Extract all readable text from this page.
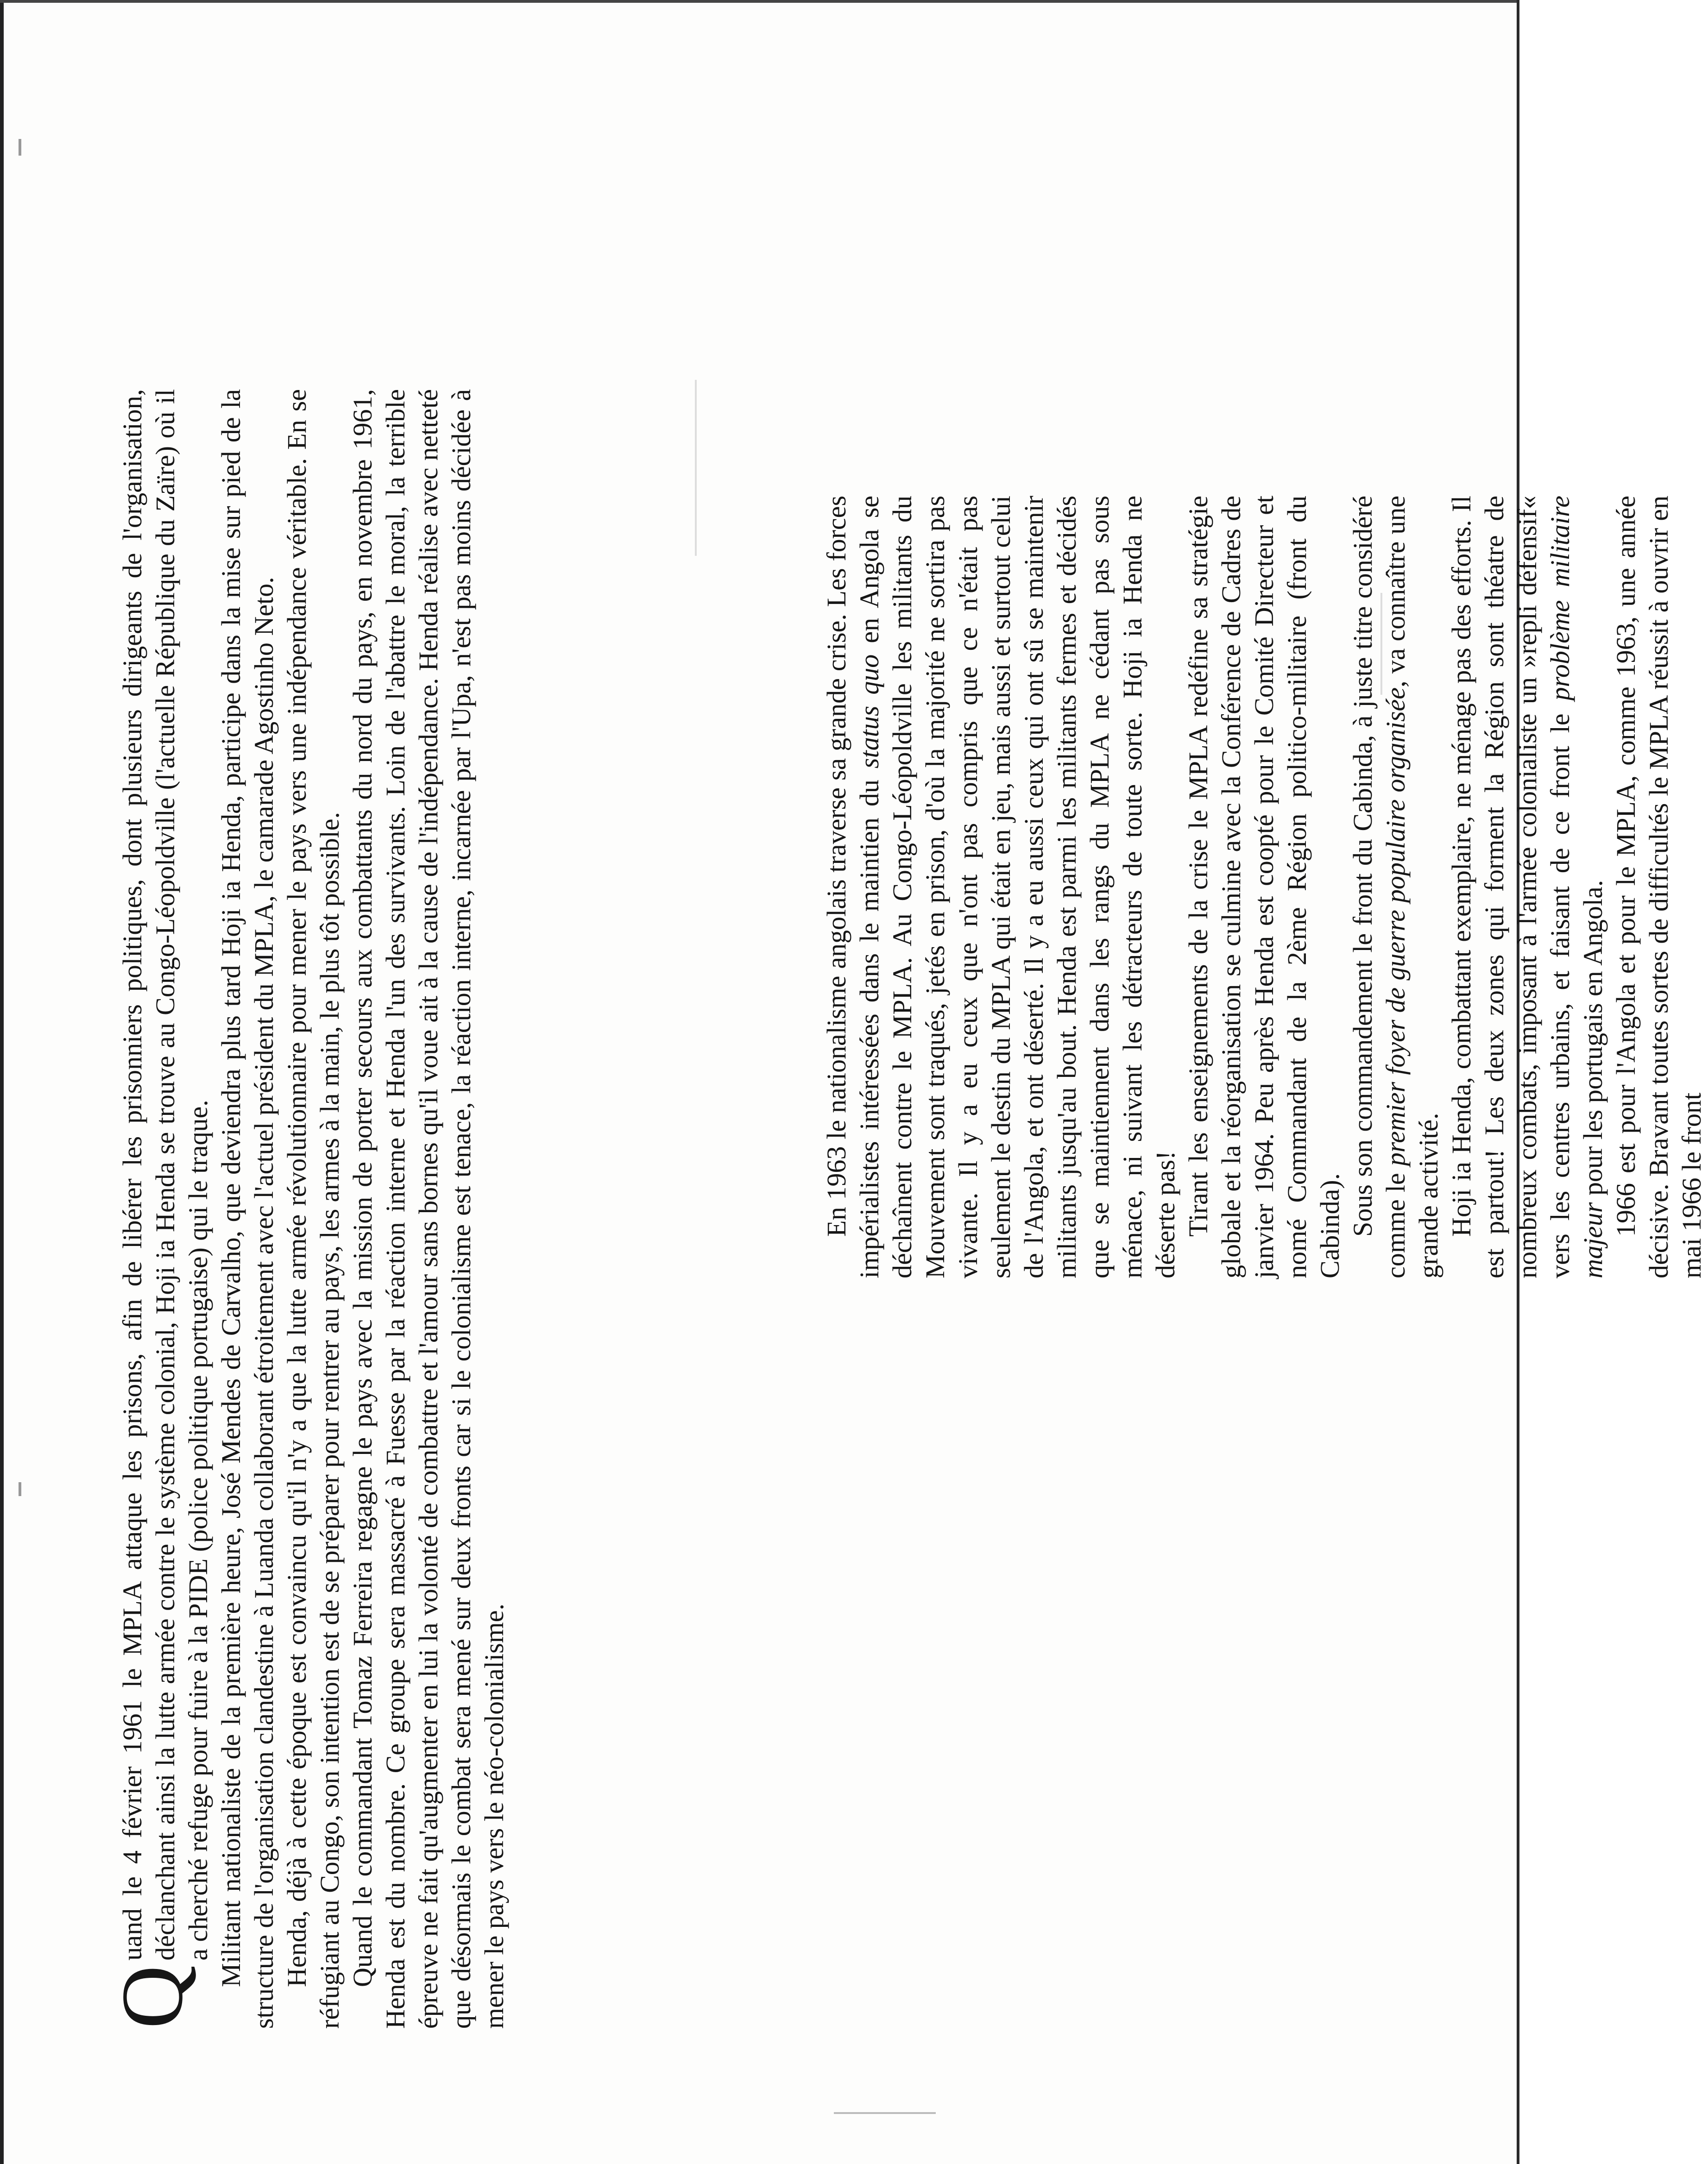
Q
uand le 4 février 1961 le MPLA attaque les prisons, afin de libérer les prisonniers politiques, dont plusieurs dirigeants de l'organisation, déclanchant ainsi la lutte armée contre le système colonial, Hoji ia Henda se trouve au Congo-Léopoldville (l'actuelle République du Zaïre) où il a cherché refuge pour fuire à la PIDE (police politique portugaise) qui le traque. Militant nationaliste de la première heure, José Mendes de Carvalho, que deviendra plus tard Hoji ia Henda, participe dans la mise sur pied de la structure de l'organisation clandestine à Luanda collaborant étroitement avec l'actuel président du MPLA, le camarade Agostinho Neto. Henda, déjà à cette époque est convaincu qu'il n'y a que la lutte armée révolutionnaire pour mener le pays vers une indépendance véritable. En se réfugiant au Congo, son intention est de se préparer pour rentrer au pays, les armes à la main, le plus tôt possible. Quand le commandant Tomaz Ferreira regagne le pays avec la mission de porter secours aux combattants du nord du pays, en novembre 1961, Henda est du nombre. Ce groupe sera massacré à Fuesse par la réaction interne et Henda l'un des survivants. Loin de l'abattre le moral, la terrible épreuve ne fait qu'augmenter en lui la volonté de combattre et l'amour sans bornes qu'il voue ait à la cause de l'indépendance. Henda réalise avec netteté que désormais le combat sera mené sur deux fronts car si le colonialisme est tenace, la réaction interne, incarnée par l'Upa, n'est pas moins décidée à mener le pays vers le néo-colonialisme.

En 1963 le nationalisme angolais traverse sa grande crise. Les forces impérialistes intéressées dans le maintien du status quo en Angola se déchaînent contre le MPLA. Au Congo-Léopoldville les militants du Mouvement sont traqués, jetés en prison, d'où la majorité ne sortira pas vivante. Il y a eu ceux que n'ont pas compris que ce n'était pas seulement le destin du MPLA qui était en jeu, mais aussi et surtout celui de l'Angola, et ont déserté. Il y a eu aussi ceux qui ont sû se maintenir militants jusqu'au bout. Henda est parmi les militants fermes et décidés que se maintiennent dans les rangs du MPLA ne cédant pas sous ménace, ni suivant les détracteurs de toute sorte. Hoji ia Henda ne déserte pas! Tirant les enseignements de la crise le MPLA redéfine sa stratégie globale et la réorganisation se culmine avec la Conférence de Cadres de janvier 1964. Peu après Henda est coopté pour le Comité Directeur et nomé Commandant de la 2ème Région politico-militaire (front du Cabinda). Sous son commandement le front du Cabinda, à juste titre considéré comme le premier foyer de guerre populaire organisée, va connaître une grande activité. Hoji ia Henda, combattant exemplaire, ne ménage pas des efforts. Il est partout! Les deux zones qui forment la Région sont théatre de nombreux combats, imposant à l'armée colonialiste un »repli défensif« vers les centres urbains, et faisant de ce front le problème militaire majeur pour les portugais en Angola. 1966 est pour l'Angola et pour le MPLA, comme 1963, une année décisive. Bravant toutes sortes de difficultés le MPLA réussit à ouvrir en mai 1966 le front
